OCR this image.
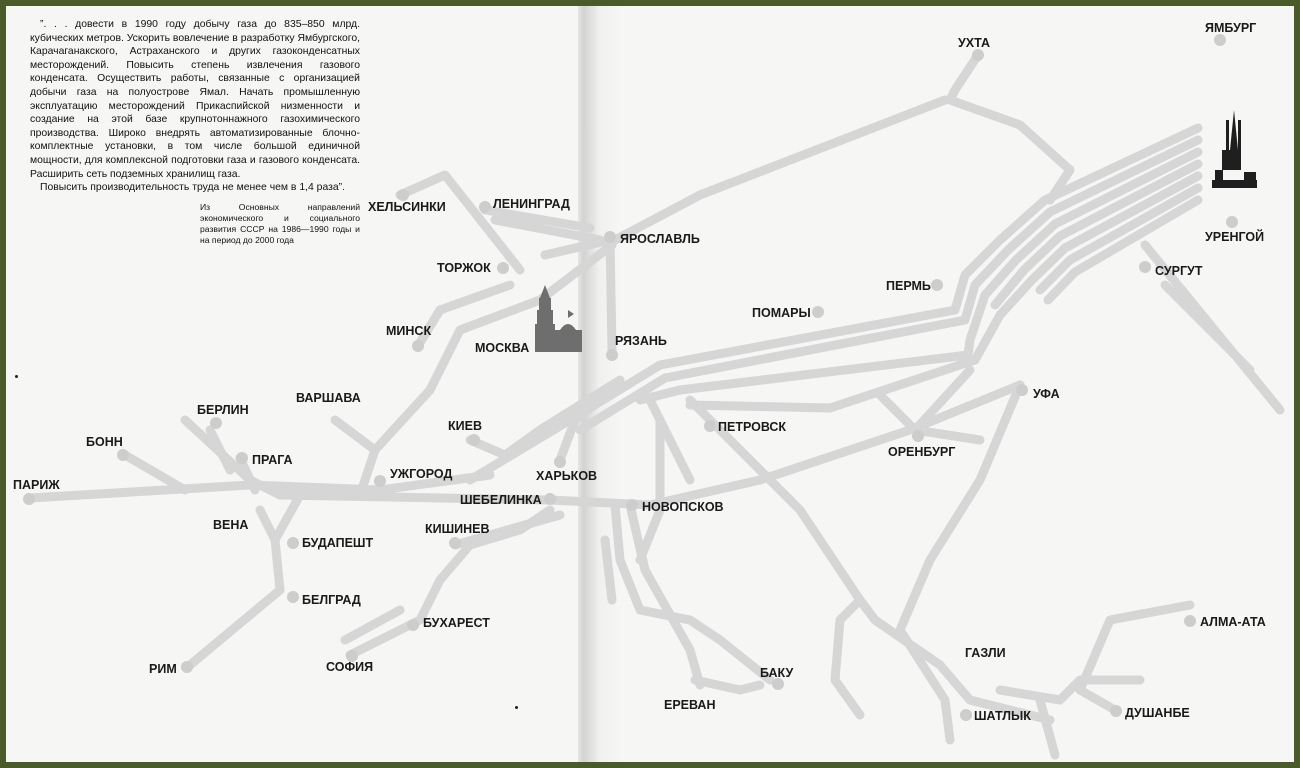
ЯМБУРГ
УХТА
УРЕНГОЙ
СУРГУТ
ХЕЛЬСИНКИ	ЛЕНИНГРАД
ЯРОСЛАВЛЬ
ТОРЖОК
ПЕРМЬ
ПОМАРЫ
МИНСК
МОСКВА	РЯЗАНЬ
УФА
ВАРШАВА
БЕРЛИН
КИЕВ	ПЕТРОВСК
БОНН
ПРАГА
ОРЕНБУРГ
УЖГОРОД	ХАРЬКОВ
ПАРИЖ
ШЕБЕЛИНКА	НОВОПСКОВ
ВЕНА	КИШИНЕВ
БУДАПЕШТ
БЕЛГРАД
БУХАРЕСТ	АЛМА-АТА
ГАЗЛИ
РИМ	СОФИЯ	БАКУ
ЕРЕВАН
ШАТЛЫК	ДУШАНБЕ

”. . . довести в 1990 году добычу газа до 835–850 млрд. кубических метров. Ускорить вовлечение в разработку Ямбургского, Карачаганакского, Астраханского и других газоконденсатных месторождений. Повысить степень извлечения газового конденсата. Осуществить работы, связанные с организацией добычи газа на полуострове Ямал. Начать промышленную эксплуатацию месторождений Прикаспийской низменности и создание на этой базе крупнотоннажного газохимического производства. Широко внедрять автоматизированные блочно-комплектные установки, в том числе большой единичной мощности, для комплексной подготовки газа и газового конденсата. Расширить сеть подземных хранилищ газа.

Повысить производительность труда не менее чем в 1,4 раза”.

Из Основных направлений экономического и социального развития СССР на 1986—1990 годы и на период до 2000 года
